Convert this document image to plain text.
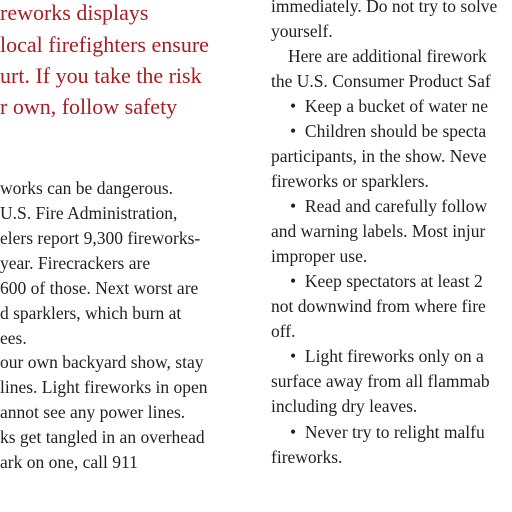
reworks displays
local firefighters ensure
urt. If you take the risk
r own, follow safety
works can be dangerous.
U.S. Fire Administration,
elers report 9,300 fireworks-
year. Firecrackers are
600 of those. Next worst are
d sparklers, which burn at
ees.
our own backyard show, stay
lines. Light fireworks in open
annot see any power lines.
ks get tangled in an overhead
ark on one, call 911
immediately. Do not try to solve
yourself.
Here are additional firework
the U.S. Consumer Product Saf
• Keep a bucket of water ne
• Children should be specta
participants, in the show. Neve
fireworks or sparklers.
• Read and carefully follow
and warning labels. Most injur
improper use.
• Keep spectators at least 2
not downwind from where fire
off.
• Light fireworks only on a
surface away from all flammab
including dry leaves.
• Never try to relight malfu
fireworks.
